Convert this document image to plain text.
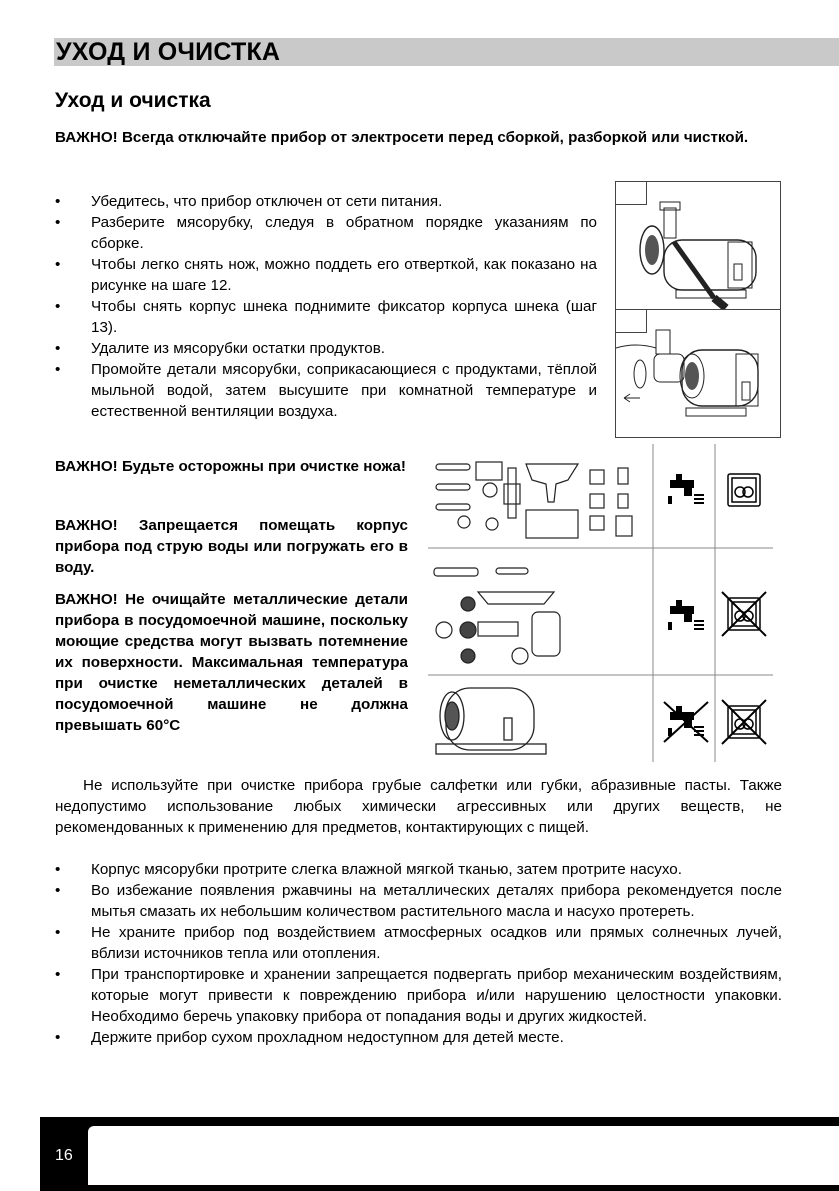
УХОД И ОЧИСТКА
Уход и очистка
ВАЖНО! Всегда отключайте прибор от электросети перед сборкой, разборкой или чисткой.
• Убедитесь, что прибор отключен от сети питания.
• Разберите мясорубку, следуя в обратном порядке указаниям по сборке.
• Чтобы легко снять нож, можно поддеть его отверткой, как показано на рисунке на шаге 12.
• Чтобы снять корпус шнека поднимите фиксатор корпуса шнека (шаг 13).
• Удалите из мясорубки остатки продуктов.
• Промойте детали мясорубки, соприкасающиеся с продуктами, тёплой мыльной водой, затем высушите при комнатной температуре и естественной вентиляции воздуха.
ВАЖНО! Будьте осторожны при очистке ножа!
ВАЖНО! Запрещается помещать корпус прибора под струю воды или погружать его в воду.
ВАЖНО! Не очищайте металлические детали прибора в посудомоечной машине, поскольку моющие средства могут вызвать потемнение их поверхности. Максимальная температура при очистке неметаллических деталей в посудомоечной машине не должна превышать 60°С
Не используйте при очистке прибора грубые салфетки или губки, абразивные пасты. Также недопустимо использование любых химически агрессивных или других веществ, не рекомендованных к применению для предметов, контактирующих с пищей.
• Корпус мясорубки протрите слегка влажной мягкой тканью, затем протрите насухо.
• Во избежание появления ржавчины на металлических деталях прибора рекомендуется после мытья смазать их небольшим количеством растительного масла и насухо протереть.
• Не храните прибор под воздействием атмосферных осадков или прямых солнечных лучей, вблизи источников тепла или отопления.
• При транспортировке и хранении запрещается подвергать прибор механическим воздействиям, которые могут привести к повреждению прибора и/или нарушению целостности упаковки. Необходимо беречь упаковку прибора от попадания воды и других жидкостей.
• Держите прибор сухом прохладном недоступном для детей месте.
16
